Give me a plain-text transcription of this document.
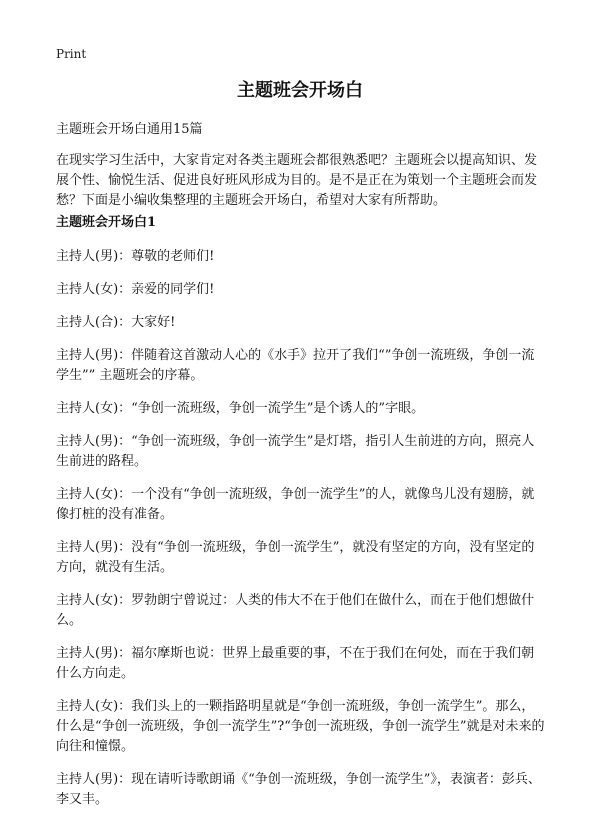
Print
主题班会开场白
主题班会开场白通用15篇

在现实学习生活中，大家肯定对各类主题班会都很熟悉吧？主题班会以提高知识、发展个性、愉悦生活、促进良好班风形成为目的。是不是正在为策划一个主题班会而发愁？下面是小编收集整理的主题班会开场白，希望对大家有所帮助。

主题班会开场白1

主持人(男)：尊敬的老师们!

主持人(女)：亲爱的同学们!

主持人(合)：大家好!

主持人(男)：伴随着这首激动人心的《水手》拉开了我们“”争创一流班级，争创一流学生”” 主题班会的序幕。

主持人(女)：“争创一流班级，争创一流学生”是个诱人的”字眼。

主持人(男)：“争创一流班级，争创一流学生”是灯塔，指引人生前进的方向，照亮人生前进的路程。

主持人(女)：一个没有“争创一流班级，争创一流学生”的人，就像鸟儿没有翅膀，就像打桩的没有准备。

主持人(男)：没有“争创一流班级，争创一流学生”，就没有坚定的方向，没有坚定的方向，就没有生活。

主持人(女)：罗勃朗宁曾说过：人类的伟大不在于他们在做什么，而在于他们想做什么。

主持人(男)：福尔摩斯也说：世界上最重要的事，不在于我们在何处，而在于我们朝什么方向走。

主持人(女)：我们头上的一颗指路明星就是“争创一流班级，争创一流学生”。那么，什么是“争创一流班级，争创一流学生”?“争创一流班级，争创一流学生”就是对未来的向往和憧憬。

主持人(男)：现在请听诗歌朗诵《“争创一流班级，争创一流学生”》，表演者：彭兵、李又丰。
